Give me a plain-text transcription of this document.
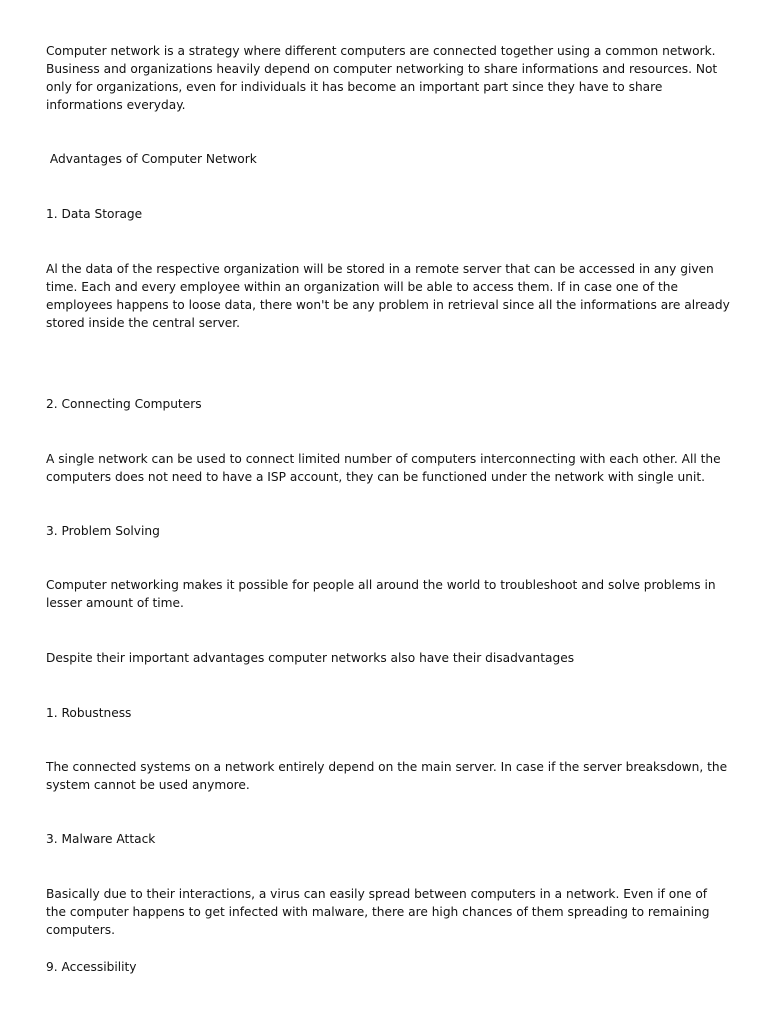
Computer network is a strategy where different computers are connected together using a common network. Business and organizations heavily depend on computer networking to share informations and resources. Not only for organizations, even for individuals it has become an important part since they have to share informations everyday.

Advantages of Computer Network

1. Data Storage

Al the data of the respective organization will be stored in a remote server that can be accessed in any given time. Each and every employee within an organization will be able to access them. If in case one of the employees happens to loose data, there won't be any problem in retrieval since all the informations are already stored inside the central server.

2. Connecting Computers

A single network can be used to connect limited number of computers interconnecting with each other. All the computers does not need to have a ISP account, they can be functioned under the network with single unit.

3. Problem Solving

Computer networking makes it possible for people all around the world to troubleshoot and solve problems in lesser amount of time.

Despite their important advantages computer networks also have their disadvantages

1. Robustness

The connected systems on a network entirely depend on the main server. In case if the server breaksdown, the system cannot be used anymore.

3. Malware Attack

Basically due to their interactions, a virus can easily spread between computers in a network. Even if one of the computer happens to get infected with malware, there are high chances of them spreading to remaining computers.

9. Accessibility
